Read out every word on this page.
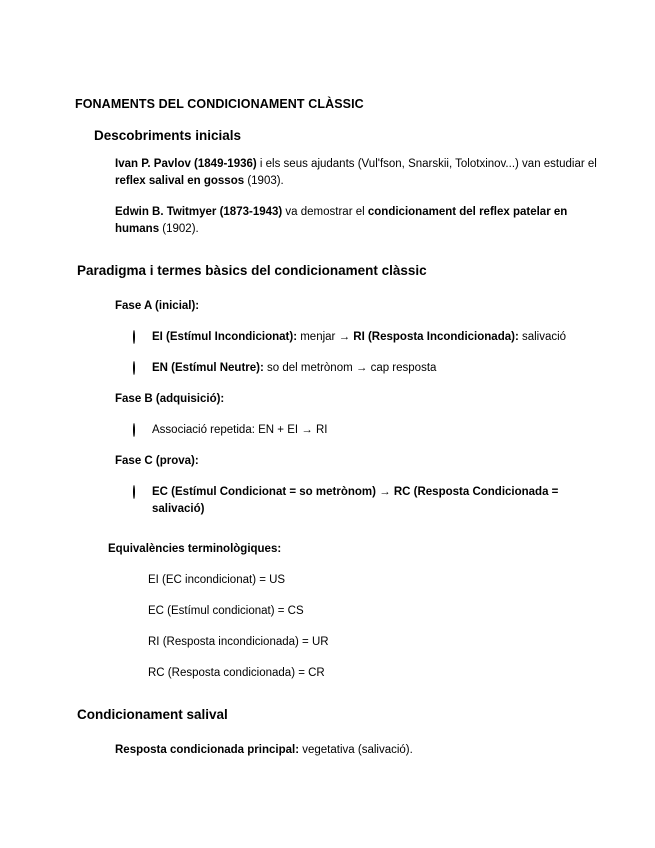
FONAMENTS DEL CONDICIONAMENT CLÀSSIC
Descobriments inicials
Ivan P. Pavlov (1849-1936) i els seus ajudants (Vul'fson, Snarskii, Tolotxinov...) van estudiar el reflex salival en gossos (1903).
Edwin B. Twitmyer (1873-1943) va demostrar el condicionament del reflex patelar en humans (1902).
Paradigma i termes bàsics del condicionament clàssic
Fase A (inicial):
EI (Estímul Incondicionat): menjar → RI (Resposta Incondicionada): salivació
EN (Estímul Neutre): so del metrònom → cap resposta
Fase B (adquisició):
Associació repetida: EN + EI → RI
Fase C (prova):
EC (Estímul Condicionat = so metrònom) → RC (Resposta Condicionada = salivació)
Equivalències terminològiques:
EI (EC incondicionat) = US
EC (Estímul condicionat) = CS
RI (Resposta incondicionada) = UR
RC (Resposta condicionada) = CR
Condicionament salival
Resposta condicionada principal: vegetativa (salivació).
